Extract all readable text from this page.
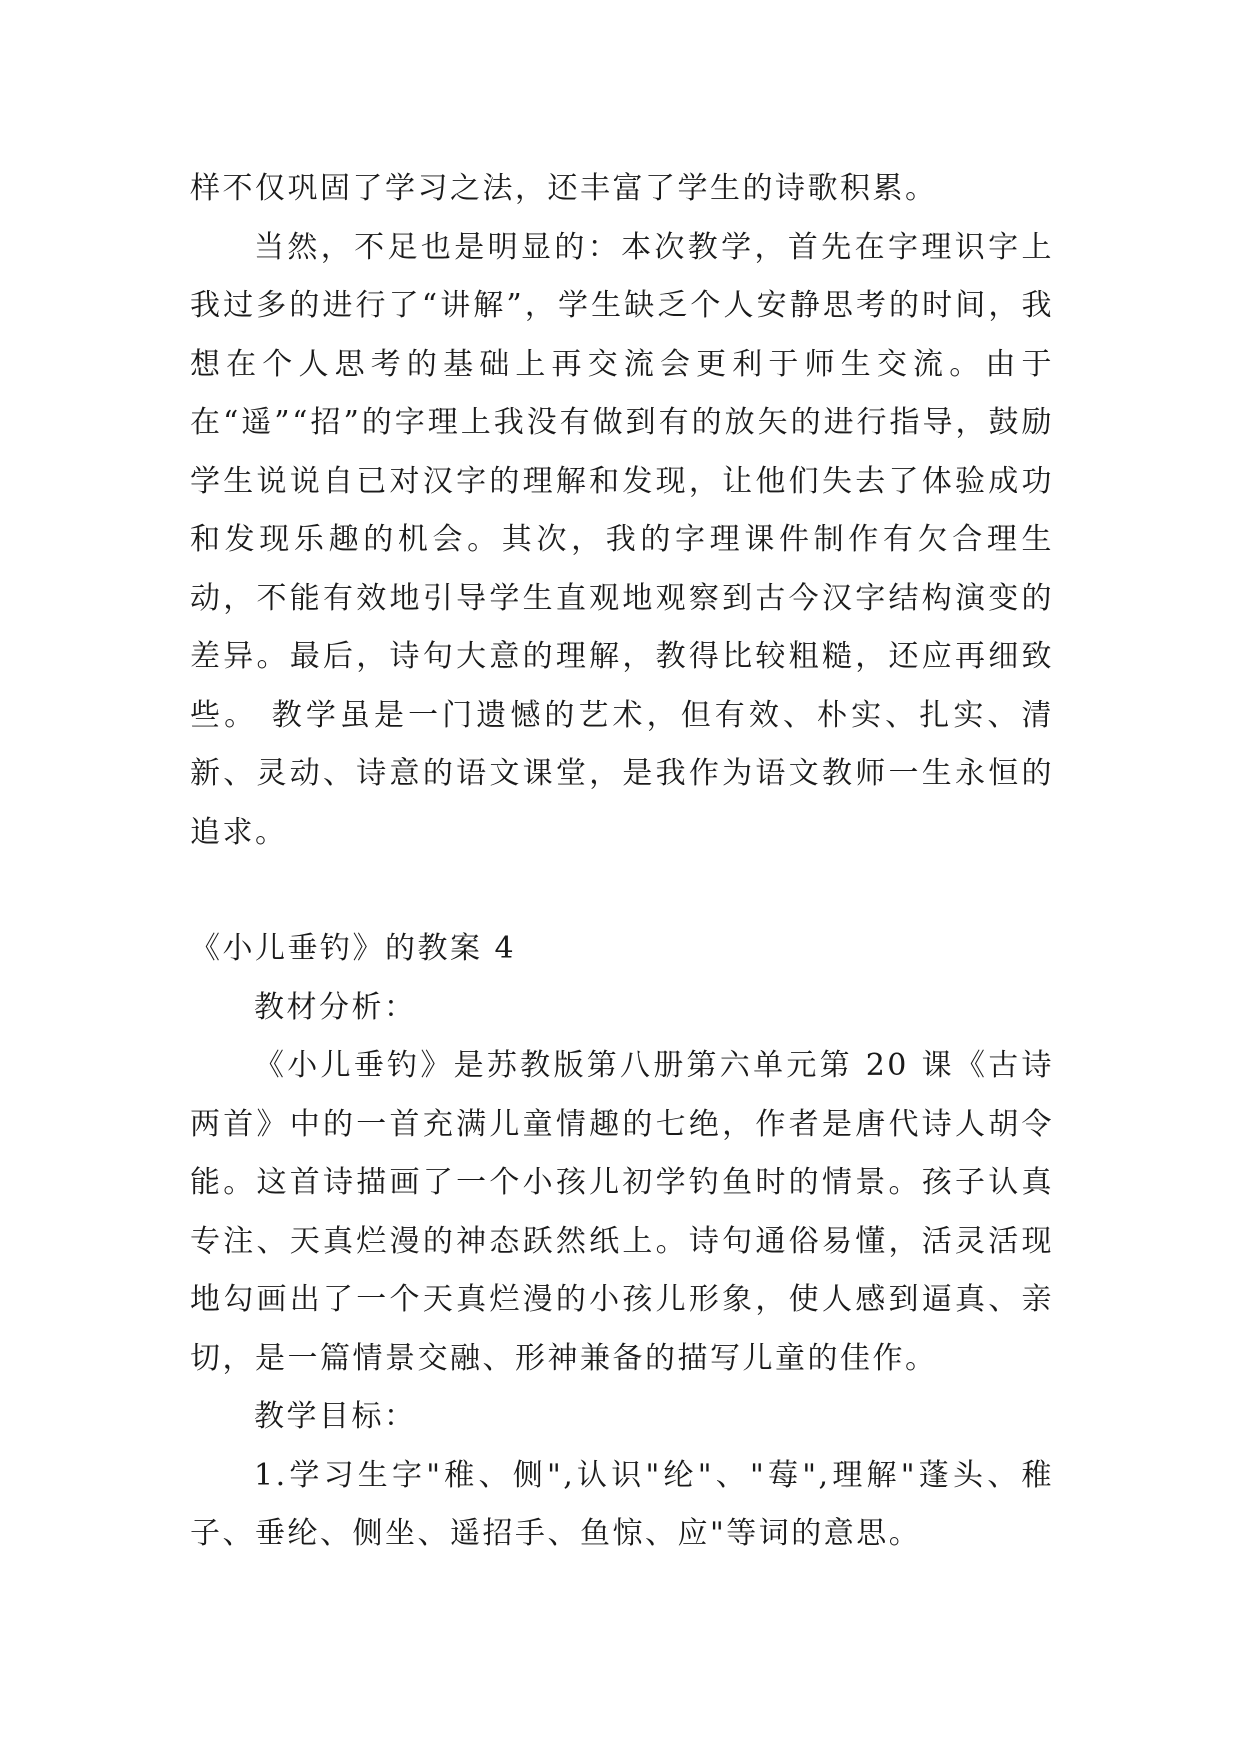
样不仅巩固了学习之法，还丰富了学生的诗歌积累。

当然，不足也是明显的：本次教学，首先在字理识字上我过多的进行了“讲解”，学生缺乏个人安静思考的时间，我想在个人思考的基础上再交流会更利于师生交流。由于在“遥”“招”的字理上我没有做到有的放矢的进行指导，鼓励学生说说自已对汉字的理解和发现，让他们失去了体验成功和发现乐趣的机会。其次，我的字理课件制作有欠合理生动，不能有效地引导学生直观地观察到古今汉字结构演变的差异。最后，诗句大意的理解，教得比较粗糙，还应再细致些。 教学虽是一门遗憾的艺术，但有效、朴实、扎实、清新、灵动、诗意的语文课堂，是我作为语文教师一生永恒的追求。

《小儿垂钓》的教案 4

教材分析：

《小儿垂钓》是苏教版第八册第六单元第 20 课《古诗两首》中的一首充满儿童情趣的七绝，作者是唐代诗人胡令能。这首诗描画了一个小孩儿初学钓鱼时的情景。孩子认真专注、天真烂漫的神态跃然纸上。诗句通俗易懂，活灵活现地勾画出了一个天真烂漫的小孩儿形象，使人感到逼真、亲切，是一篇情景交融、形神兼备的描写儿童的佳作。

教学目标：

1.学习生字"稚、侧",认识"纶"、"莓",理解"蓬头、稚子、垂纶、侧坐、遥招手、鱼惊、应"等词的意思。
